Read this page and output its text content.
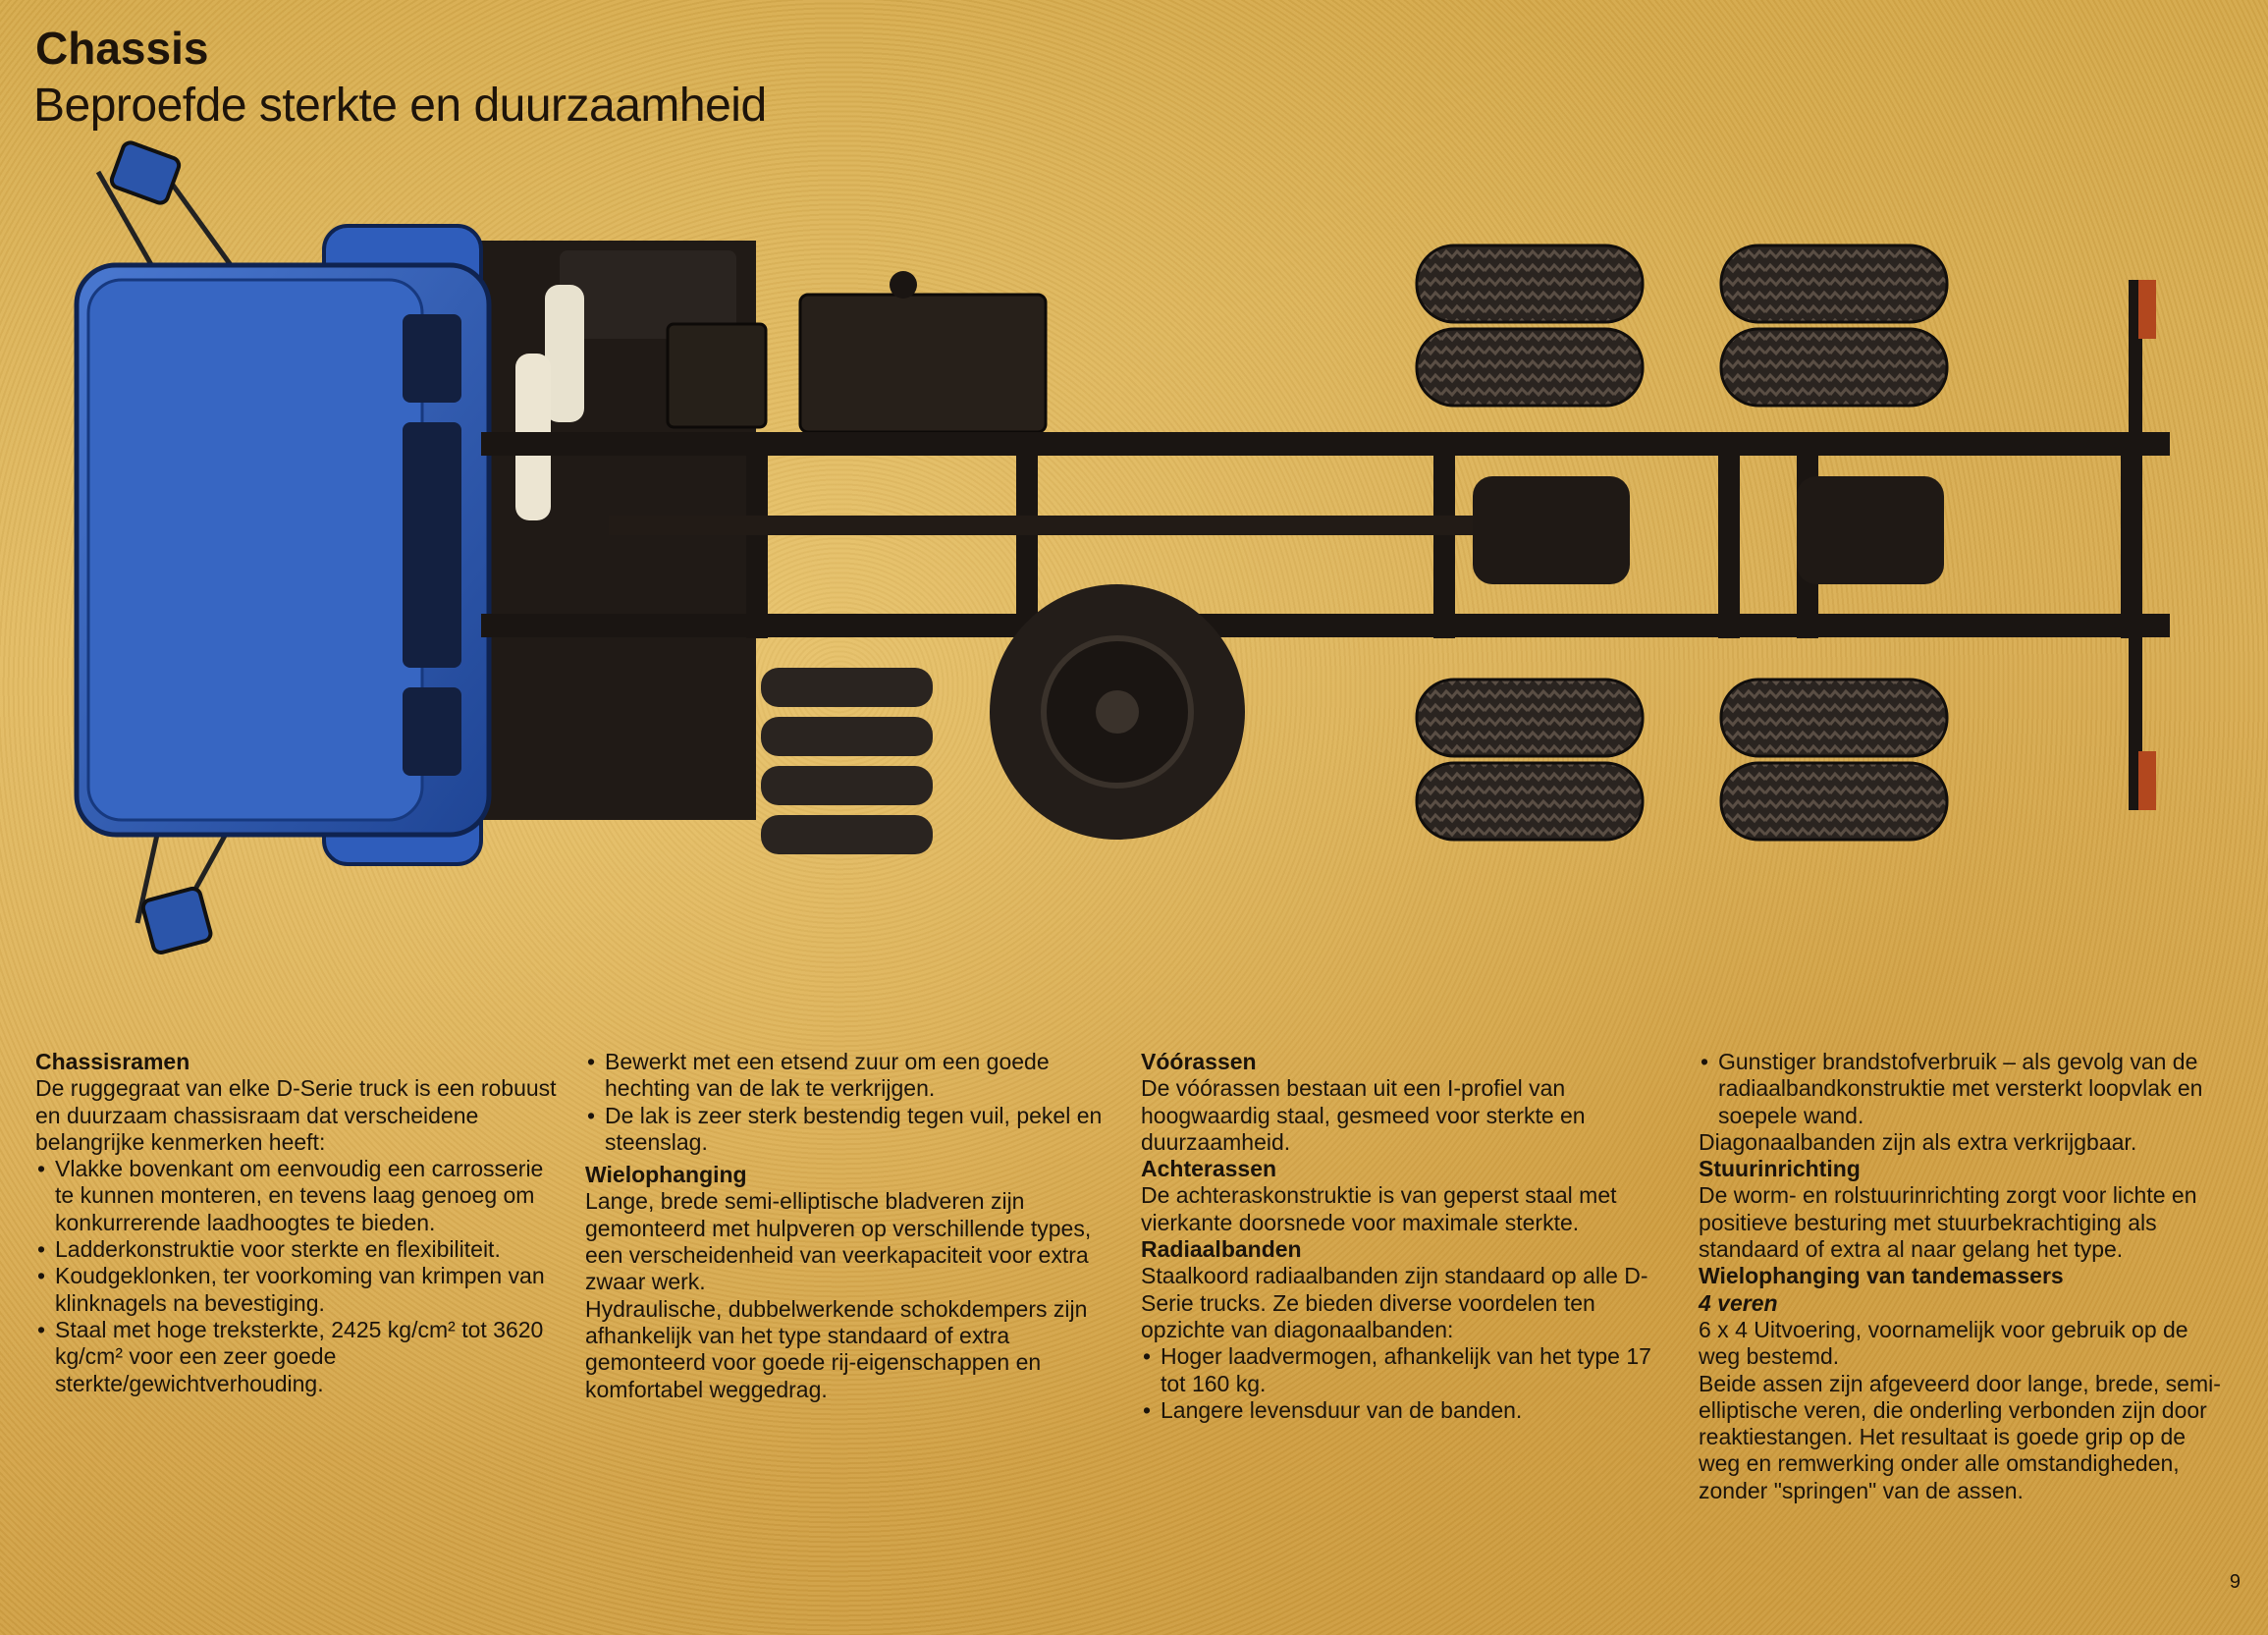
Chassis
Beproefde sterkte en duurzaamheid
Chassisramen

De ruggegraat van elke D-Serie truck is een robuust en duurzaam chassisraam dat verscheidene belangrijke kenmerken heeft:

• Vlakke bovenkant om eenvoudig een carrosserie te kunnen monteren, en tevens laag genoeg om konkurrerende laadhoogtes te bieden.
• Ladderkonstruktie voor sterkte en flexibiliteit.
• Koudgeklonken, ter voorkoming van krimpen van klinknagels na bevestiging.
• Staal met hoge treksterkte, 2425 kg/cm² tot 3620 kg/cm² voor een zeer goede sterkte/gewichtverhouding.
• Bewerkt met een etsend zuur om een goede hechting van de lak te verkrijgen.
• De lak is zeer sterk bestendig tegen vuil, pekel en steenslag.
Wielophanging

Lange, brede semi-elliptische bladveren zijn gemonteerd met hulpveren op verschillende types, een verscheidenheid van veerkapaciteit voor extra zwaar werk.

Hydraulische, dubbelwerkende schokdempers zijn afhankelijk van het type standaard of extra gemonteerd voor goede rij-eigenschappen en komfortabel weggedrag.

Vóórassen

De vóórassen bestaan uit een I-profiel van hoogwaardig staal, gesmeed voor sterkte en duurzaamheid.

Achterassen

De achteraskonstruktie is van geperst staal met vierkante doorsnede voor maximale sterkte.

Radiaalbanden

Staalkoord radiaalbanden zijn standaard op alle D-Serie trucks. Ze bieden diverse voordelen ten opzichte van diagonaalbanden:

• Hoger laadvermogen, afhankelijk van het type 17 tot 160 kg.
• Langere levensduur van de banden.
• Gunstiger brandstofverbruik – als gevolg van de radiaalbandkonstruktie met versterkt loopvlak en soepele wand.

Diagonaalbanden zijn als extra verkrijgbaar.

Stuurinrichting

De worm- en rolstuurinrichting zorgt voor lichte en positieve besturing met stuurbekrachtiging als standaard of extra al naar gelang het type.

Wielophanging van tandemassers

4 veren

6 x 4 Uitvoering, voornamelijk voor gebruik op de weg bestemd.

Beide assen zijn afgeveerd door lange, brede, semi-elliptische veren, die onderling verbonden zijn door reaktiestangen. Het resultaat is goede grip op de weg en remwerking onder alle omstandigheden, zonder "springen" van de assen.

9
